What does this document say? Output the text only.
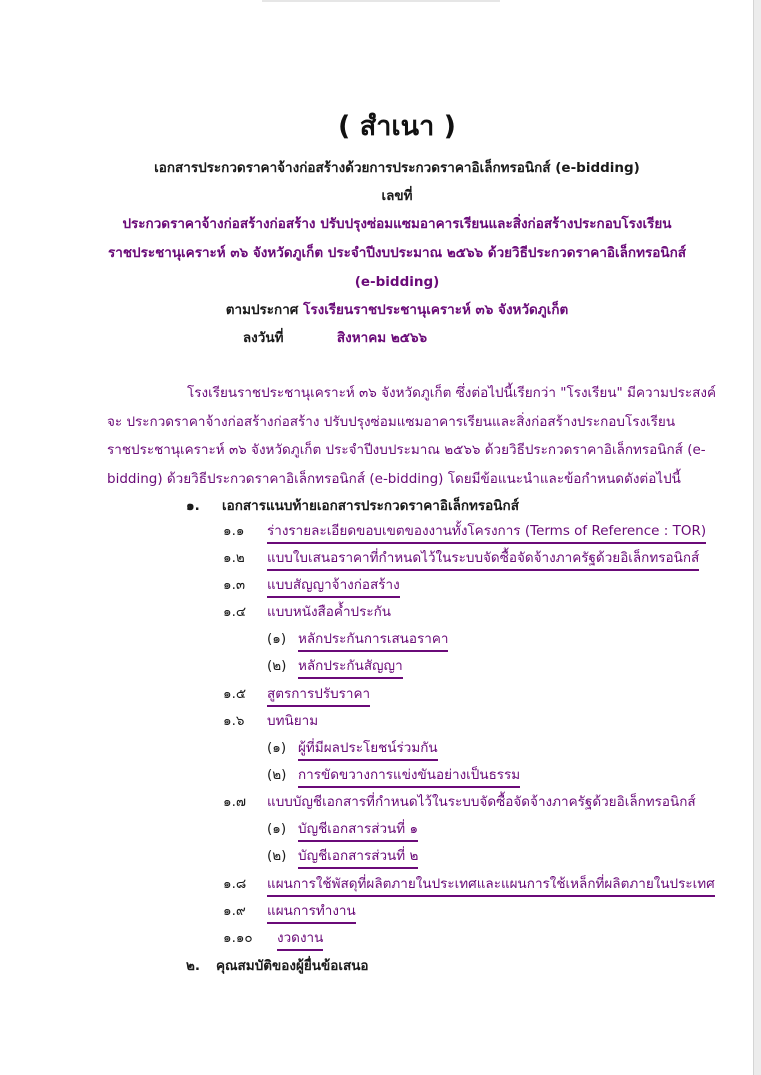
( สำเนา )
เอกสารประกวดราคาจ้างก่อสร้างด้วยการประกวดราคาอิเล็กทรอนิกส์ (e-bidding)
เลขที่
ประกวดราคาจ้างก่อสร้างก่อสร้าง ปรับปรุงซ่อมแซมอาคารเรียนและสิ่งก่อสร้างประกอบโรงเรียน
ราชประชานุเคราะห์ ๓๖ จังหวัดภูเก็ต ประจำปีงบประมาณ ๒๕๖๖ ด้วยวิธีประกวดราคาอิเล็กทรอนิกส์
(e-bidding)
ตามประกาศ โรงเรียนราชประชานุเคราะห์ ๓๖ จังหวัดภูเก็ต
ลงวันที่	สิงหาคม ๒๕๖๖
โรงเรียนราชประชานุเคราะห์ ๓๖ จังหวัดภูเก็ต ซึ่งต่อไปนี้เรียกว่า "โรงเรียน" มีความประสงค์
จะ ประกวดราคาจ้างก่อสร้างก่อสร้าง ปรับปรุงซ่อมแซมอาคารเรียนและสิ่งก่อสร้างประกอบโรงเรียน
ราชประชานุเคราะห์ ๓๖ จังหวัดภูเก็ต ประจำปีงบประมาณ ๒๕๖๖ ด้วยวิธีประกวดราคาอิเล็กทรอนิกส์ (e-
bidding) ด้วยวิธีประกวดราคาอิเล็กทรอนิกส์ (e-bidding) โดยมีข้อแนะนำและข้อกำหนดดังต่อไปนี้
๑. เอกสารแนบท้ายเอกสารประกวดราคาอิเล็กทรอนิกส์
๑.๑ ร่างรายละเอียดขอบเขตของงานทั้งโครงการ (Terms of Reference : TOR)
๑.๒ แบบใบเสนอราคาที่กำหนดไว้ในระบบจัดซื้อจัดจ้างภาครัฐด้วยอิเล็กทรอนิกส์
๑.๓ แบบสัญญาจ้างก่อสร้าง
๑.๔ แบบหนังสือค้ำประกัน
(๑) หลักประกันการเสนอราคา
(๒) หลักประกันสัญญา
๑.๕ สูตรการปรับราคา
๑.๖ บทนิยาม
(๑) ผู้ที่มีผลประโยชน์ร่วมกัน
(๒) การขัดขวางการแข่งขันอย่างเป็นธรรม
๑.๗ แบบบัญชีเอกสารที่กำหนดไว้ในระบบจัดซื้อจัดจ้างภาครัฐด้วยอิเล็กทรอนิกส์
(๑) บัญชีเอกสารส่วนที่ ๑
(๒) บัญชีเอกสารส่วนที่ ๒
๑.๘ แผนการใช้พัสดุที่ผลิตภายในประเทศและแผนการใช้เหล็กที่ผลิตภายในประเทศ
๑.๙ แผนการทำงาน
๑.๑๐ งวดงาน
๒. คุณสมบัติของผู้ยื่นข้อเสนอ
